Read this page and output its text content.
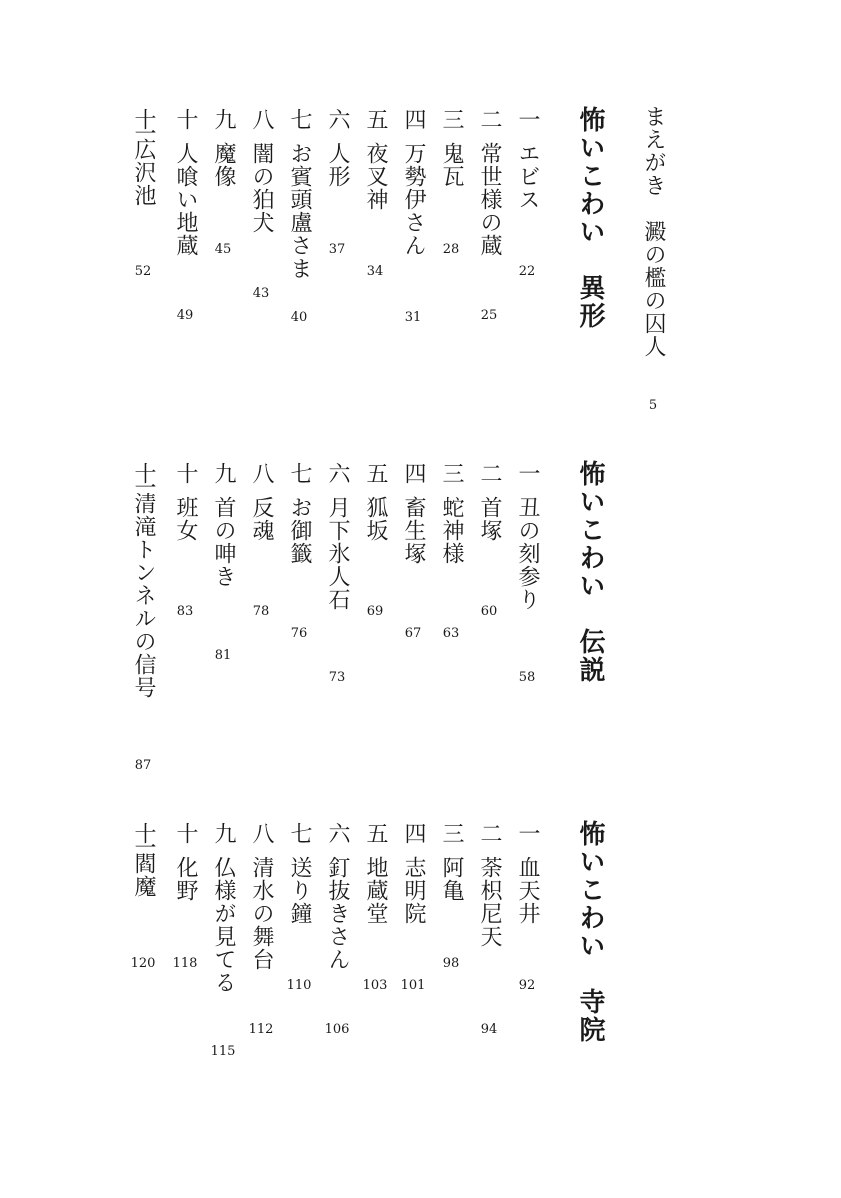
まえがき　澱の檻の囚人
5
怖いこわい　異形
一
エビス
22
二
常世様の蔵
25
三
鬼瓦
28
四
万勢伊さん
31
五
夜叉神
34
六
人形
37
七
お賓頭盧さま
40
八
闇の狛犬
43
九
魔像
45
十
人喰い地蔵
49
十一
広沢池
52
怖いこわい　伝説
一
丑の刻参り
58
二
首塚
60
三
蛇神様
63
四
畜生塚
67
五
狐坂
69
六
月下氷人石
73
七
お御籤
76
八
反魂
78
九
首の呻き
81
十
班女
83
十一
清滝トンネルの信号
87
怖いこわい　寺院
一
血天井
92
二
荼枳尼天
94
三
阿亀
98
四
志明院
101
五
地蔵堂
103
六
釘抜きさん
106
七
送り鐘
110
八
清水の舞台
112
九
仏様が見てる
115
十
化野
118
十一
閻魔
120
